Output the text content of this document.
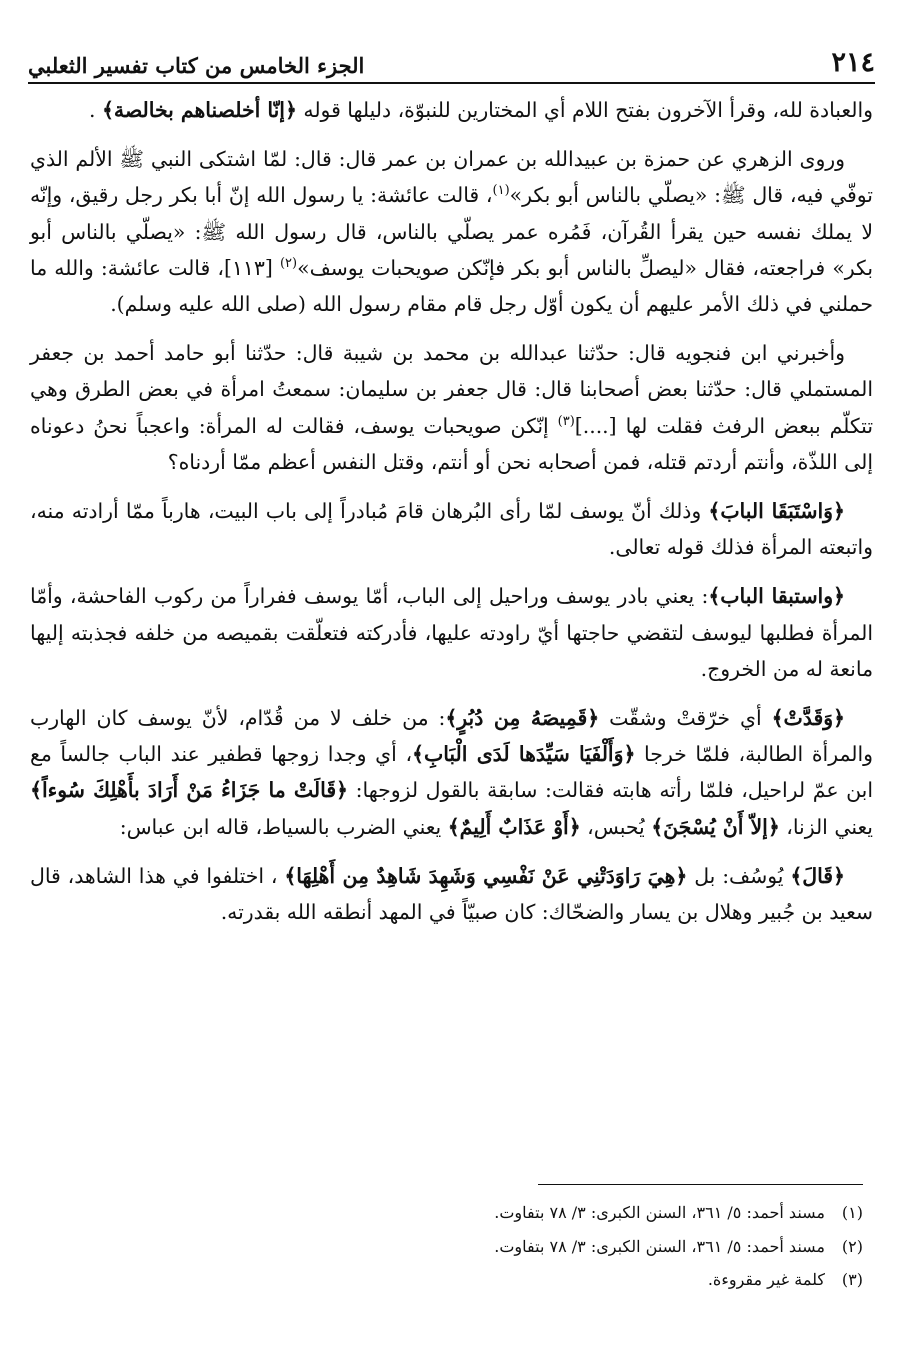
٢١٤
الجزء الخامس من كتاب تفسير الثعلبي

والعبادة لله، وقرأ الآخرون بفتح اللام أي المختارين للنبوّة، دليلها قوله ﴿إنّا أخلصناهم بخالصة﴾ .

وروى الزهري عن حمزة بن عبيدالله بن عمران بن عمر قال: قال: لمّا اشتكى النبي ﷺ الألم الذي توفّي فيه، قال ﷺ: «يصلّي بالناس أبو بكر»$^{(١)}$، قالت عائشة: يا رسول الله إنّ أبا بكر رجل رقيق، وإنّه لا يملك نفسه حين يقرأ القُرآن، فَمُره عمر يصلّي بالناس، قال رسول الله ﷺ: «يصلّي بالناس أبو بكر» فراجعته، فقال «ليصلِّ بالناس أبو بكر فإنّكن صويحبات يوسف»$^{(٢)}$ [١١٣]، قالت عائشة: والله ما حملني في ذلك الأمر عليهم أن يكون أوّل رجل قام مقام رسول الله (صلى الله عليه وسلم).

وأخبرني ابن فنجويه قال: حدّثنا عبدالله بن محمد بن شيبة قال: حدّثنا أبو حامد أحمد بن جعفر المستملي قال: حدّثنا بعض أصحابنا قال: قال جعفر بن سليمان: سمعتُ امرأة في بعض الطرق وهي تتكلّم ببعض الرفث فقلت لها [....]$^{(٣)}$ إنّكن صويحبات يوسف، فقالت له المرأة: واعجباً نحنُ دعوناه إلى اللذّة، وأنتم أردتم قتله، فمن أصحابه نحن أو أنتم، وقتل النفس أعظم ممّا أردناه؟

﴿وَاسْتَبَقَا البابَ﴾ وذلك أنّ يوسف لمّا رأى البُرهان قامَ مُبادراً إلى باب البيت، هارباً ممّا أرادته منه، واتبعته المرأة فذلك قوله تعالى.

﴿واستبقا الباب﴾: يعني بادر يوسف وراحيل إلى الباب، أمّا يوسف ففراراً من ركوب الفاحشة، وأمّا المرأة فطلبها ليوسف لتقضي حاجتها أيّ راودته عليها، فأدركته فتعلّقت بقميصه من خلفه فجذبته إليها مانعة له من الخروج.

﴿وَقَدَّتْ﴾ أي خرّقتْ وشقّت ﴿قَمِيصَهُ مِن دُبُرٍ﴾: من خلف لا من قُدّام، لأنّ يوسف كان الهارب والمرأة الطالبة، فلمّا خرجا ﴿وَأَلْفَيَا سَيِّدَها لَدَى الْبَابِ﴾، أي وجدا زوجها قطفير عند الباب جالساً مع ابن عمّ لراحيل، فلمّا رأته هابته فقالت: سابقة بالقول لزوجها: ﴿قَالَتْ ما جَزَاءُ مَنْ أَرَادَ بأَهْلِكَ سُوءاً﴾ يعني الزنا، ﴿إلاّ أَنْ يُسْجَنَ﴾ يُحبس، ﴿أَوْ عَذَابٌ أَلِيمٌ﴾ يعني الضرب بالسياط، قاله ابن عباس:

﴿قَالَ﴾ يُوسُف: بل ﴿هِيَ رَاوَدَتْنِي عَنْ نَفْسِي وَشَهِدَ شَاهِدٌ مِن أَهْلِهَا﴾ ، اختلفوا في هذا الشاهد، قال سعيد بن جُبير وهلال بن يسار والضحّاك: كان صبيّاً في المهد أنطقه الله بقدرته.

(١)مسند أحمد: ٥/ ٣٦١، السنن الكبرى: ٣/ ٧٨ بتفاوت.
(٢)مسند أحمد: ٥/ ٣٦١، السنن الكبرى: ٣/ ٧٨ بتفاوت.
(٣)كلمة غير مقروءة.
